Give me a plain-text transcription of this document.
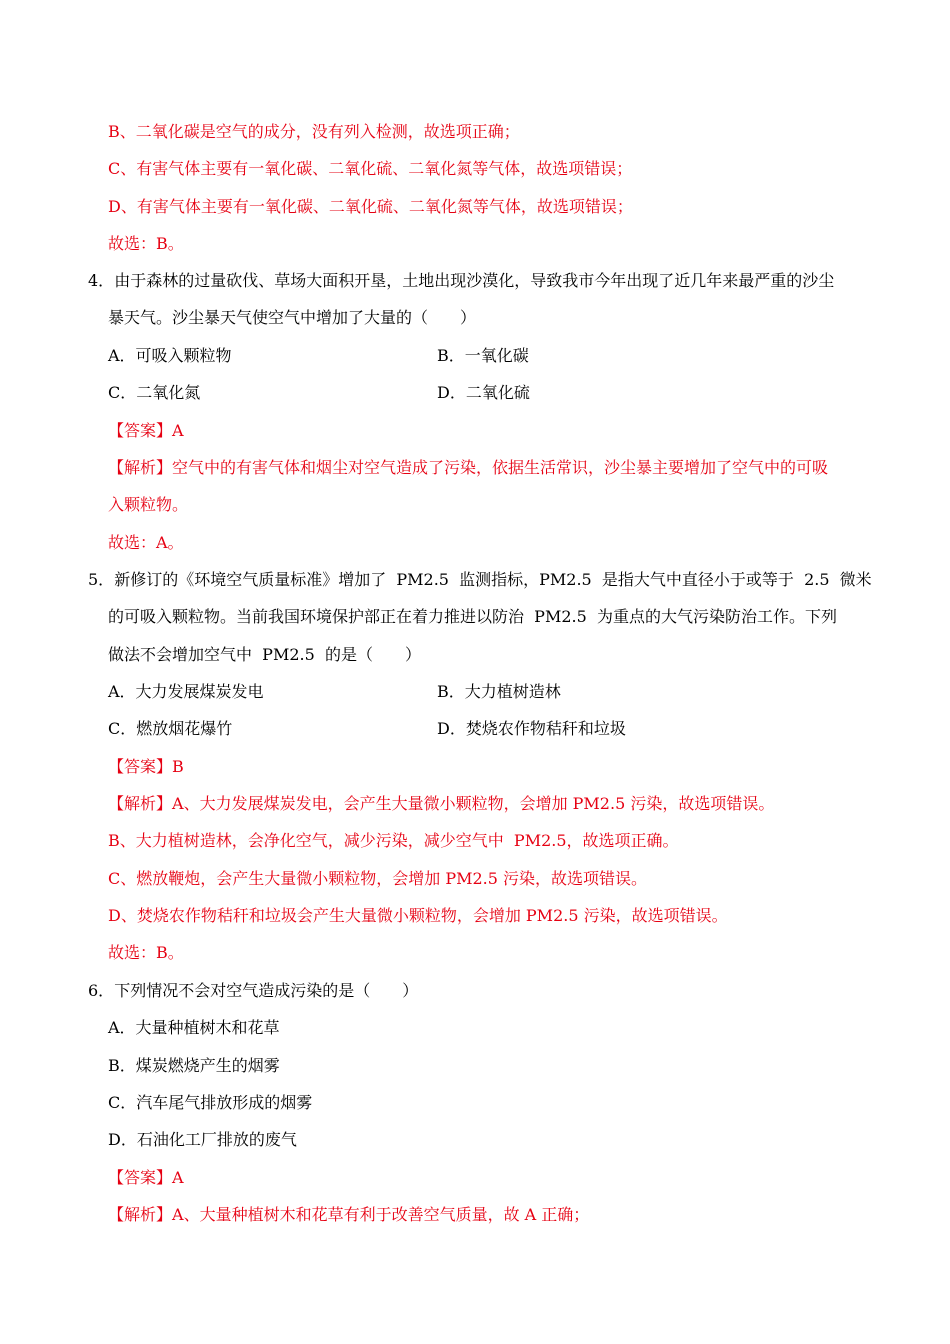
B、二氧化碳是空气的成分，没有列入检测，故选项正确；
C、有害气体主要有一氧化碳、二氧化硫、二氧化氮等气体，故选项错误；
D、有害气体主要有一氧化碳、二氧化硫、二氧化氮等气体，故选项错误；
故选：B。
4．由于森林的过量砍伐、草场大面积开垦，土地出现沙漠化，导致我市今年出现了近几年来最严重的沙尘
暴天气。沙尘暴天气使空气中增加了大量的（　　）
A．可吸入颗粒物	B．一氧化碳
C．二氧化氮	D．二氧化硫
【答案】A
【解析】空气中的有害气体和烟尘对空气造成了污染，依据生活常识，沙尘暴主要增加了空气中的可吸
入颗粒物。
故选：A。
5．新修订的《环境空气质量标准》增加了  PM2.5  监测指标，PM2.5  是指大气中直径小于或等于  2.5  微米
的可吸入颗粒物。当前我国环境保护部正在着力推进以防治  PM2.5  为重点的大气污染防治工作。下列
做法不会增加空气中  PM2.5  的是（　　）
A．大力发展煤炭发电	B．大力植树造林
C．燃放烟花爆竹	D．焚烧农作物秸秆和垃圾
【答案】B
【解析】A、大力发展煤炭发电，会产生大量微小颗粒物，会增加 PM2.5 污染，故选项错误。
B、大力植树造林，会净化空气，减少污染，减少空气中  PM2.5，故选项正确。
C、燃放鞭炮，会产生大量微小颗粒物，会增加 PM2.5 污染，故选项错误。
D、焚烧农作物秸秆和垃圾会产生大量微小颗粒物，会增加 PM2.5 污染，故选项错误。
故选：B。
6．下列情况不会对空气造成污染的是（　　）
A．大量种植树木和花草
B．煤炭燃烧产生的烟雾
C．汽车尾气排放形成的烟雾
D．石油化工厂排放的废气
【答案】A
【解析】A、大量种植树木和花草有利于改善空气质量，故 A 正确；
